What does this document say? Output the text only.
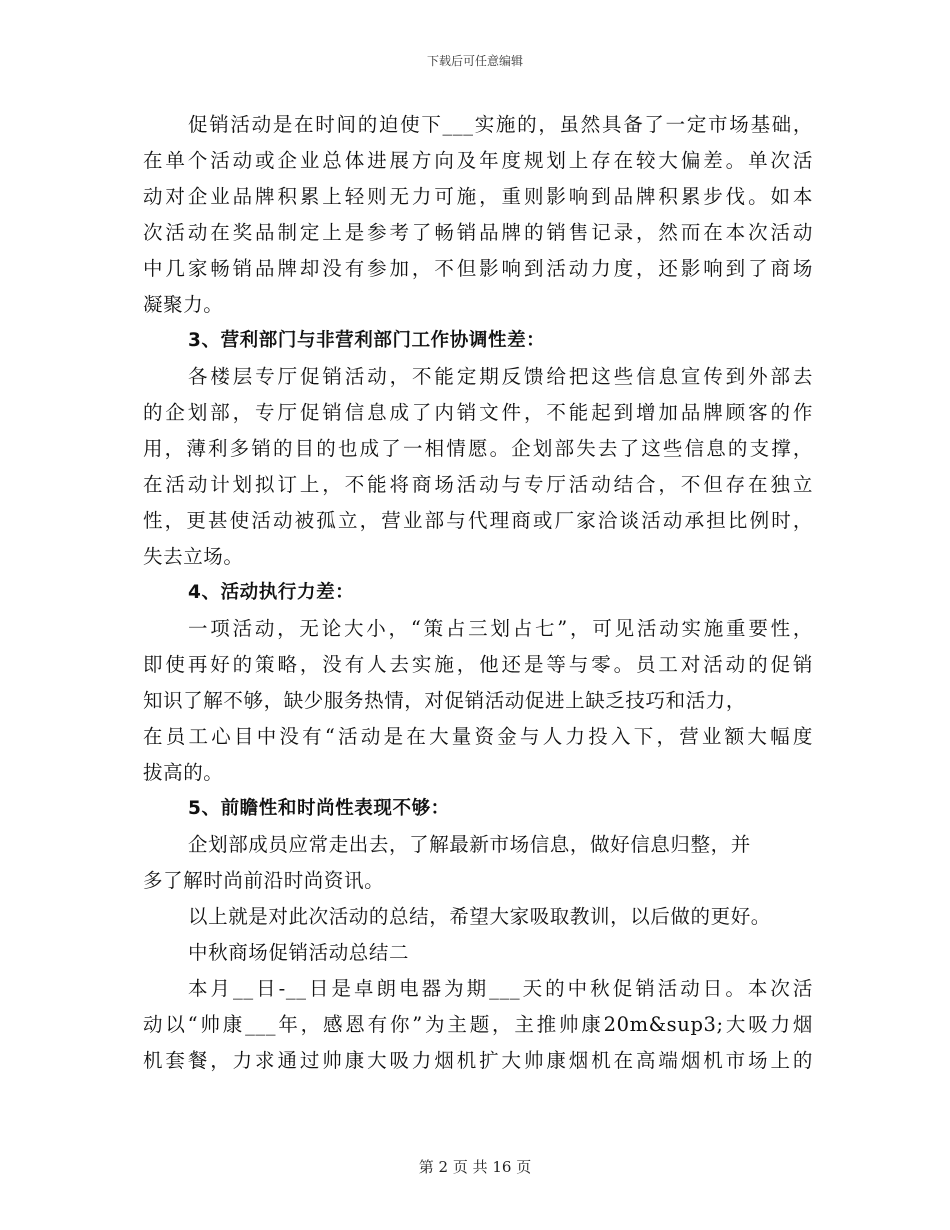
下载后可任意编辑
促销活动是在时间的迫使下___实施的，虽然具备了一定市场基础，
在单个活动或企业总体进展方向及年度规划上存在较大偏差。单次活
动对企业品牌积累上轻则无力可施，重则影响到品牌积累步伐。如本
次活动在奖品制定上是参考了畅销品牌的销售记录，然而在本次活动
中几家畅销品牌却没有参加，不但影响到活动力度，还影响到了商场
凝聚力。
3、营利部门与非营利部门工作协调性差：
各楼层专厅促销活动，不能定期反馈给把这些信息宣传到外部去
的企划部，专厅促销信息成了内销文件，不能起到增加品牌顾客的作
用，薄利多销的目的也成了一相情愿。企划部失去了这些信息的支撑，
在活动计划拟订上，不能将商场活动与专厅活动结合，不但存在独立
性，更甚使活动被孤立，营业部与代理商或厂家洽谈活动承担比例时，
失去立场。
4、活动执行力差：
一项活动，无论大小，“策占三划占七”，可见活动实施重要性，
即使再好的策略，没有人去实施，他还是等与零。员工对活动的促销
知识了解不够，缺少服务热情，对促销活动促进上缺乏技巧和活力，
在员工心目中没有“活动是在大量资金与人力投入下，营业额大幅度
拔高的。
5、前瞻性和时尚性表现不够：
企划部成员应常走出去，了解最新市场信息，做好信息归整，并
多了解时尚前沿时尚资讯。
以上就是对此次活动的总结，希望大家吸取教训，以后做的更好。
中秋商场促销活动总结二
本月__日-__日是卓朗电器为期___天的中秋促销活动日。本次活
动以“帅康___年，感恩有你”为主题，主推帅康20m&sup3;大吸力烟
机套餐，力求通过帅康大吸力烟机扩大帅康烟机在高端烟机市场上的
第 2 页 共 16 页
